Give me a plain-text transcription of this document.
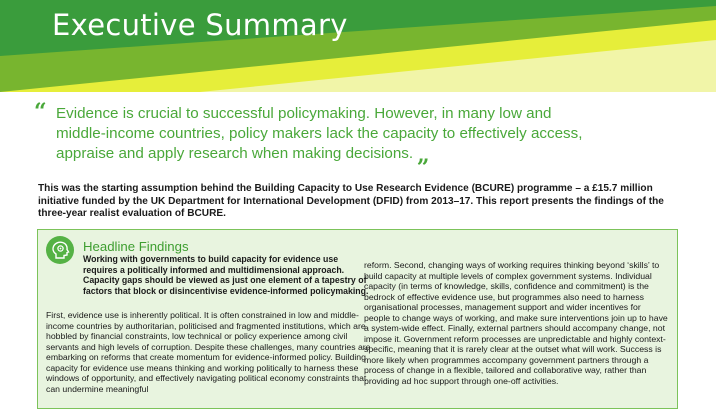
Executive Summary
“ Evidence is crucial to successful policymaking. However, in many low and middle-income countries, policy makers lack the capacity to effectively access, appraise and apply research when making decisions. „

This was the starting assumption behind the Building Capacity to Use Research Evidence (BCURE) programme – a £15.7 million initiative funded by the UK Department for International Development (DFID) from 2013–17. This report presents the findings of the three-year realist evaluation of BCURE.

Headline Findings

Working with governments to build capacity for evidence use requires a politically informed and multidimensional approach. Capacity gaps should be viewed as just one element of a tapestry of factors that block or disincentivise evidence-informed policymaking.

First, evidence use is inherently political. It is often constrained in low and middle-income countries by authoritarian, politicised and fragmented institutions, which are hobbled by financial constraints, low technical or policy experience among civil servants and high levels of corruption. Despite these challenges, many countries are embarking on reforms that create momentum for evidence-informed policy. Building capacity for evidence use means thinking and working politically to harness these windows of opportunity, and effectively navigating political economy constraints that can undermine meaningful

reform. Second, changing ways of working requires thinking beyond ‘skills’ to build capacity at multiple levels of complex government systems. Individual capacity (in terms of knowledge, skills, confidence and commitment) is the bedrock of effective evidence use, but programmes also need to harness organisational processes, management support and wider incentives for people to change ways of working, and make sure interventions join up to have a system-wide effect. Finally, external partners should accompany change, not impose it. Government reform processes are unpredictable and highly context-specific, meaning that it is rarely clear at the outset what will work. Success is more likely when programmes accompany government partners through a process of change in a flexible, tailored and collaborative way, rather than providing ad hoc support through one-off activities.
